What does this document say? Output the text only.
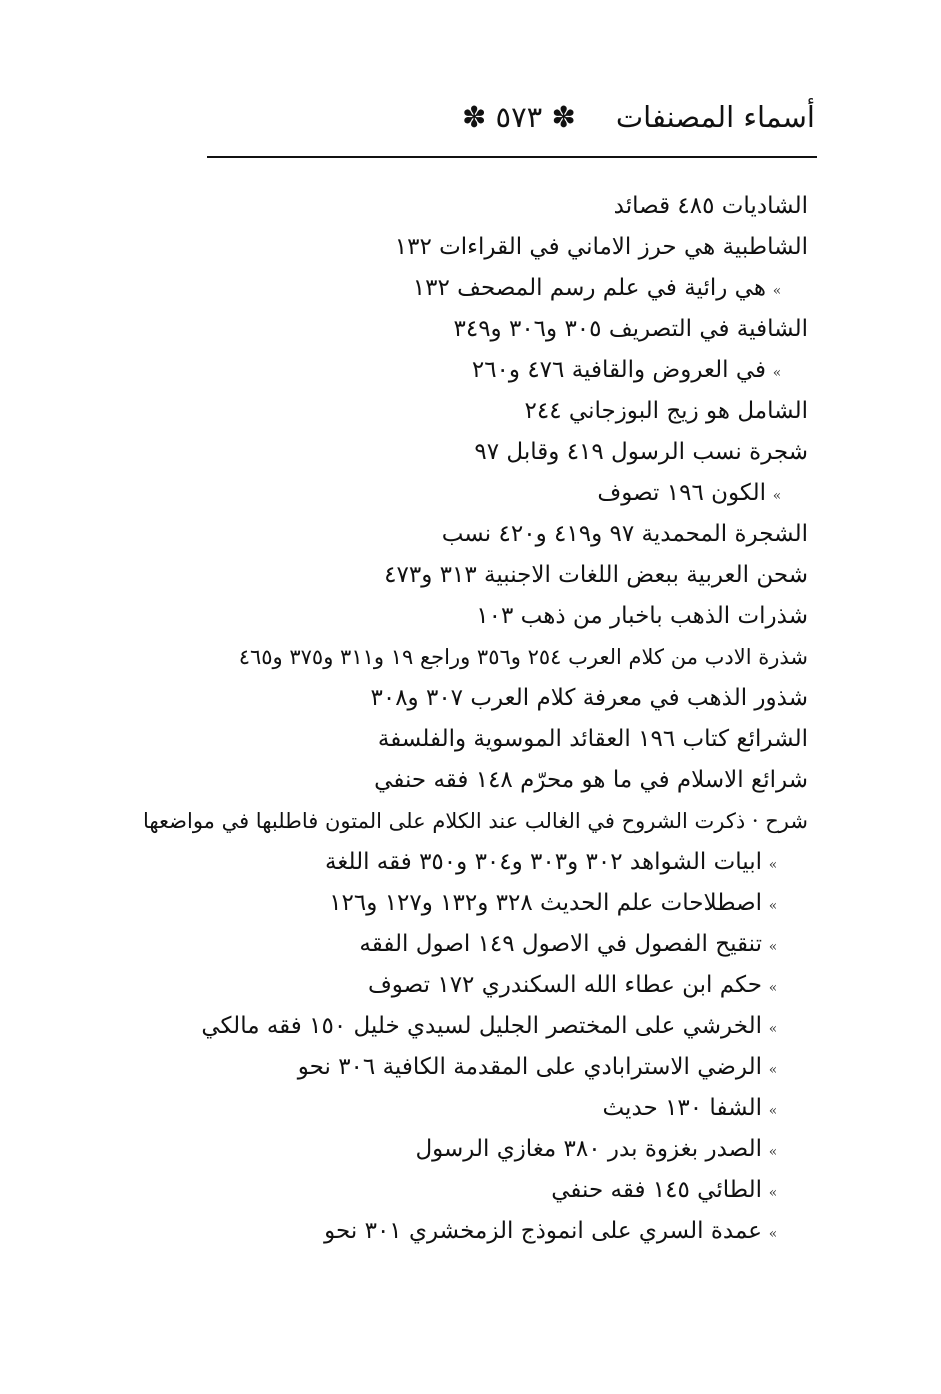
أسماء المصنفات
✽ ٥٧٣ ✽
الشاديات ٤٨٥ قصائد
الشاطبية هي حرز الاماني في القراءات ١٣٢
»هي رائية في علم رسم المصحف ١٣٢
الشافية في التصريف ٣٠٥ و٣٠٦ و٣٤٩
»في العروض والقافية ٤٧٦ و٢٦٠
الشامل هو زيج البوزجاني ٢٤٤
شجرة نسب الرسول ٤١٩ وقابل ٩٧
»الكون ١٩٦ تصوف
الشجرة المحمدية ٩٧ و٤١٩ و٤٢٠ نسب
شحن العربية ببعض اللغات الاجنبية ٣١٣ و٤٧٣
شذرات الذهب باخبار من ذهب ١٠٣
شذرة الادب من كلام العرب ٢٥٤ و٣٥٦ وراجع ١٩ و٣١١ و٣٧٥ و٤٦٥
شذور الذهب في معرفة كلام العرب ٣٠٧ و٣٠٨
الشرائع كتاب ١٩٦ العقائد الموسوية والفلسفة
شرائع الاسلام في ما هو محرّم ١٤٨ فقه حنفي
شرح · ذكرت الشروح في الغالب عند الكلام على المتون فاطلبها في مواضعها
»ابيات الشواهد ٣٠٢ و٣٠٣ و٣٠٤ و٣٥٠ فقه اللغة
»اصطلاحات علم الحديث ٣٢٨ و١٣٢ و١٢٧ و١٢٦
»تنقيح الفصول في الاصول ١٤٩ اصول الفقه
»حكم ابن عطاء الله السكندري ١٧٢ تصوف
»الخرشي على المختصر الجليل لسيدي خليل ١٥٠ فقه مالكي
»الرضي الاسترابادي على المقدمة الكافية ٣٠٦ نحو
»الشفا ١٣٠ حديث
»الصدر بغزوة بدر ٣٨٠ مغازي الرسول
»الطائي ١٤٥ فقه حنفي
»عمدة السري على انموذج الزمخشري ٣٠١ نحو
